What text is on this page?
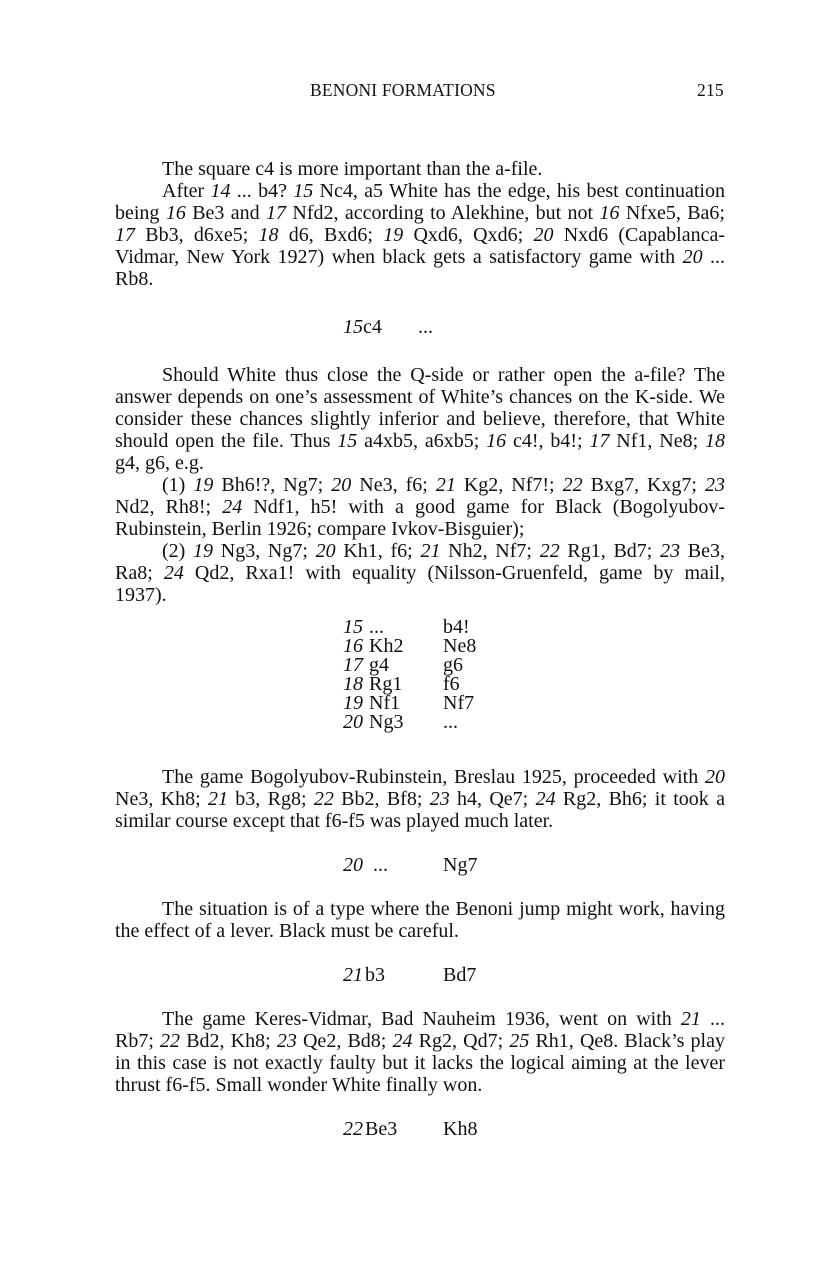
BENONI FORMATIONS	215

The square c4 is more important than the a-file.

After 14 ... b4? 15 Nc4, a5 White has the edge, his best continuation being 16 Be3 and 17 Nfd2, according to Alekhine, but not 16 Nfxe5, Ba6; 17 Bb3, d6xe5; 18 d6, Bxd6; 19 Qxd6, Qxd6; 20 Nxd6 (Capablanca-Vidmar, New York 1927) when black gets a satisfactory game with 20 ... Rb8.

15 c4 ...

Should White thus close the Q-side or rather open the a-file? The answer depends on one’s assessment of White’s chances on the K-side. We consider these chances slightly inferior and believe, therefore, that White should open the file. Thus 15 a4xb5, a6xb5; 16 c4!, b4!; 17 Nf1, Ne8; 18 g4, g6, e.g.

(1) 19 Bh6!?, Ng7; 20 Ne3, f6; 21 Kg2, Nf7!; 22 Bxg7, Kxg7; 23 Nd2, Rh8!; 24 Ndf1, h5! with a good game for Black (Bogolyubov-Rubinstein, Berlin 1926; compare Ivkov-Bisguier);

(2) 19 Ng3, Ng7; 20 Kh1, f6; 21 Nh2, Nf7; 22 Rg1, Bd7; 23 Be3, Ra8; 24 Qd2, Rxa1! with equality (Nilsson-Gruenfeld, game by mail, 1937).

15 ...	b4!
16 Kh2 Ne8
17 g4	g6
18 Rg1 f6
19 Nf1 Nf7
20 Ng3 ...

The game Bogolyubov-Rubinstein, Breslau 1925, proceeded with 20 Ne3, Kh8; 21 b3, Rg8; 22 Bb2, Bf8; 23 h4, Qe7; 24 Rg2, Bh6; it took a similar course except that f6-f5 was played much later.

20 ...	Ng7

The situation is of a type where the Benoni jump might work, having the effect of a lever. Black must be careful.

21 b3	Bd7

The game Keres-Vidmar, Bad Nauheim 1936, went on with 21 ... Rb7; 22 Bd2, Kh8; 23 Qe2, Bd8; 24 Rg2, Qd7; 25 Rh1, Qe8. Black’s play in this case is not exactly faulty but it lacks the logical aiming at the lever thrust f6-f5. Small wonder White finally won.

22 Be3 Kh8
